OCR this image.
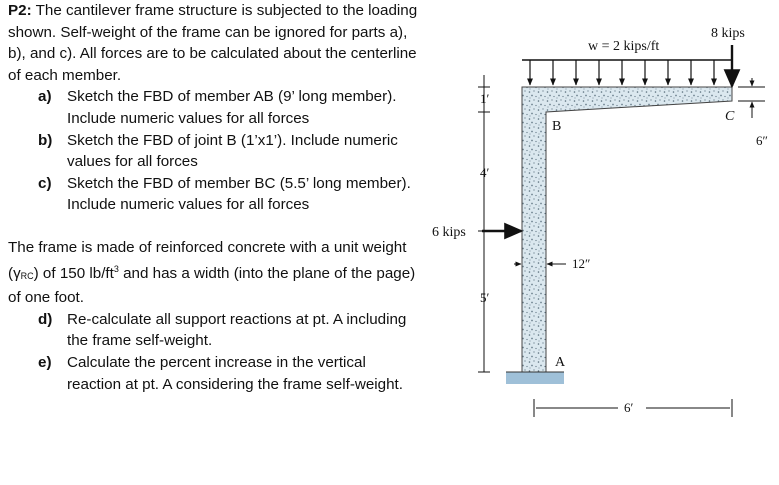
P2: The cantilever frame structure is subjected to the loading shown. Self-weight of the frame can be ignored for parts a), b), and c). All forces are to be calculated about the centerline of each member.

a) Sketch the FBD of member AB (9’ long member). Include numeric values for all forces
b) Sketch the FBD of joint B (1’x1’). Include numeric values for all forces
c) Sketch the FBD of member BC (5.5’ long member). Include numeric values for all forces

The frame is made of reinforced concrete with a unit weight (γRC) of 150 $lb/ft^3$ and has a width (into the plane of the page) of one foot.

d) Re-calculate all support reactions at pt. A including the frame self-weight.
e) Calculate the percent increase in the vertical reaction at pt. A considering the frame self-weight.
w = 2 kips/ft
8 kips
6 kips
1′
4′
5′
12″
6″
6′
B
C
A
